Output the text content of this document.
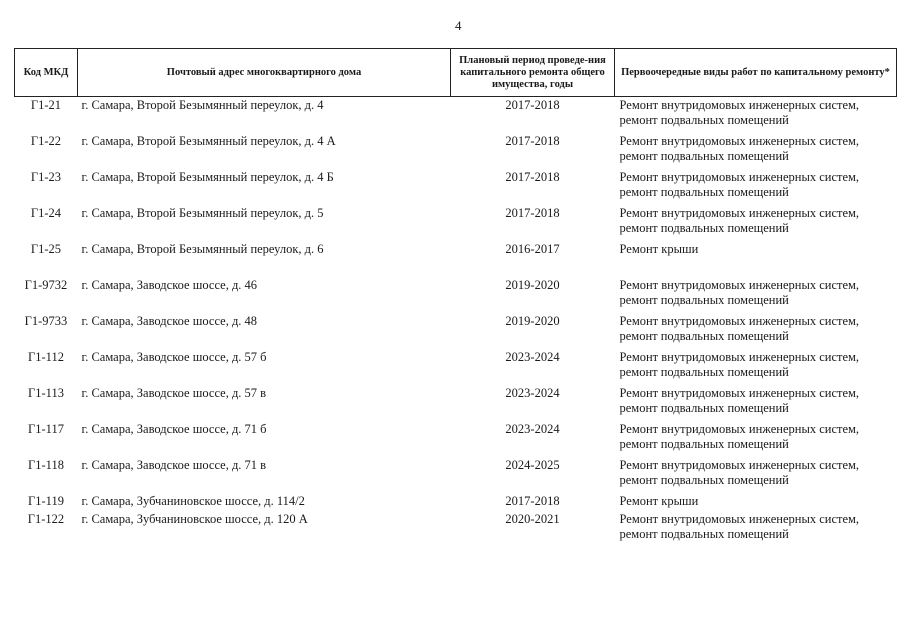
4
Код МКД	Почтовый адрес многоквартирного дома	Плановый период проведе-ния капитального ремонта общего имущества, годы	Первоочередные виды работ по капитальному ремонту*
Г1-21	г. Самара, Второй Безымянный переулок, д. 4	2017-2018	Ремонт внутридомовых инженерных систем, ремонт подвальных помещений
Г1-22	г. Самара, Второй Безымянный переулок, д. 4 А	2017-2018	Ремонт внутридомовых инженерных систем, ремонт подвальных помещений
Г1-23	г. Самара, Второй Безымянный переулок, д. 4 Б	2017-2018	Ремонт внутридомовых инженерных систем, ремонт подвальных помещений
Г1-24	г. Самара, Второй Безымянный переулок, д. 5	2017-2018	Ремонт внутридомовых инженерных систем, ремонт подвальных помещений
Г1-25	г. Самара, Второй Безымянный переулок, д. 6	2016-2017	Ремонт крыши
Г1-9732	г. Самара, Заводское шоссе, д. 46	2019-2020	Ремонт внутридомовых инженерных систем, ремонт подвальных помещений
Г1-9733	г. Самара, Заводское шоссе, д. 48	2019-2020	Ремонт внутридомовых инженерных систем, ремонт подвальных помещений
Г1-112	г. Самара, Заводское шоссе, д. 57 б	2023-2024	Ремонт внутридомовых инженерных систем, ремонт подвальных помещений
Г1-113	г. Самара, Заводское шоссе, д. 57 в	2023-2024	Ремонт внутридомовых инженерных систем, ремонт подвальных помещений
Г1-117	г. Самара, Заводское шоссе, д. 71 б	2023-2024	Ремонт внутридомовых инженерных систем, ремонт подвальных помещений
Г1-118	г. Самара, Заводское шоссе, д. 71 в	2024-2025	Ремонт внутридомовых инженерных систем, ремонт подвальных помещений
Г1-119	г. Самара, Зубчаниновское шоссе, д. 114/2	2017-2018	Ремонт крыши
Г1-122	г. Самара, Зубчаниновское шоссе, д. 120 А	2020-2021	Ремонт внутридомовых инженерных систем, ремонт подвальных помещений
